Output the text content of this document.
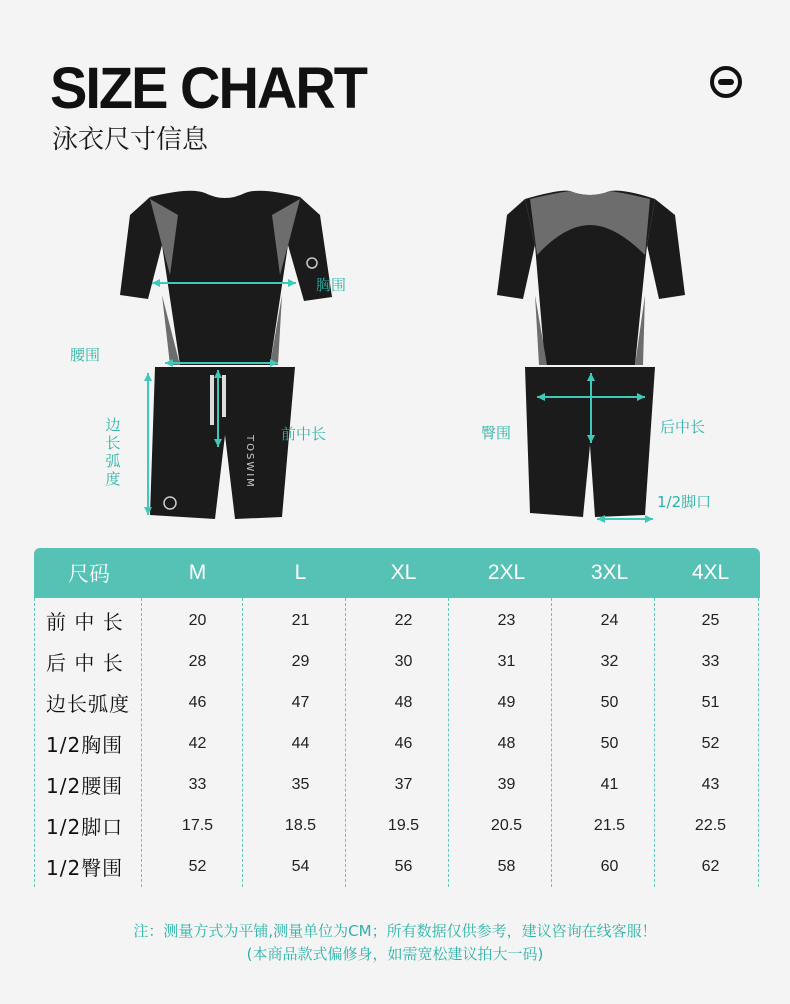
SIZE CHART
泳衣尺寸信息
TOSWIM
胸围
腰围
边长弧度
前中长	臀围	后中长
1/2脚口
尺码	M	L	XL	2XL	3XL	4XL
前 中 长	20	21	22	23	24	25
后 中 长	28	29	30	31	32	33
边长弧度	46	47	48	49	50	51
1/2胸围	42	44	46	48	50	52
1/2腰围	33	35	37	39	41	43
1/2脚口	17.5	18.5	19.5	20.5	21.5	22.5
1/2臀围	52	54	56	58	60	62
注：测量方式为平铺,测量单位为CM；所有数据仅供参考，建议咨询在线客服！
(本商品款式偏修身，如需宽松建议拍大一码)
